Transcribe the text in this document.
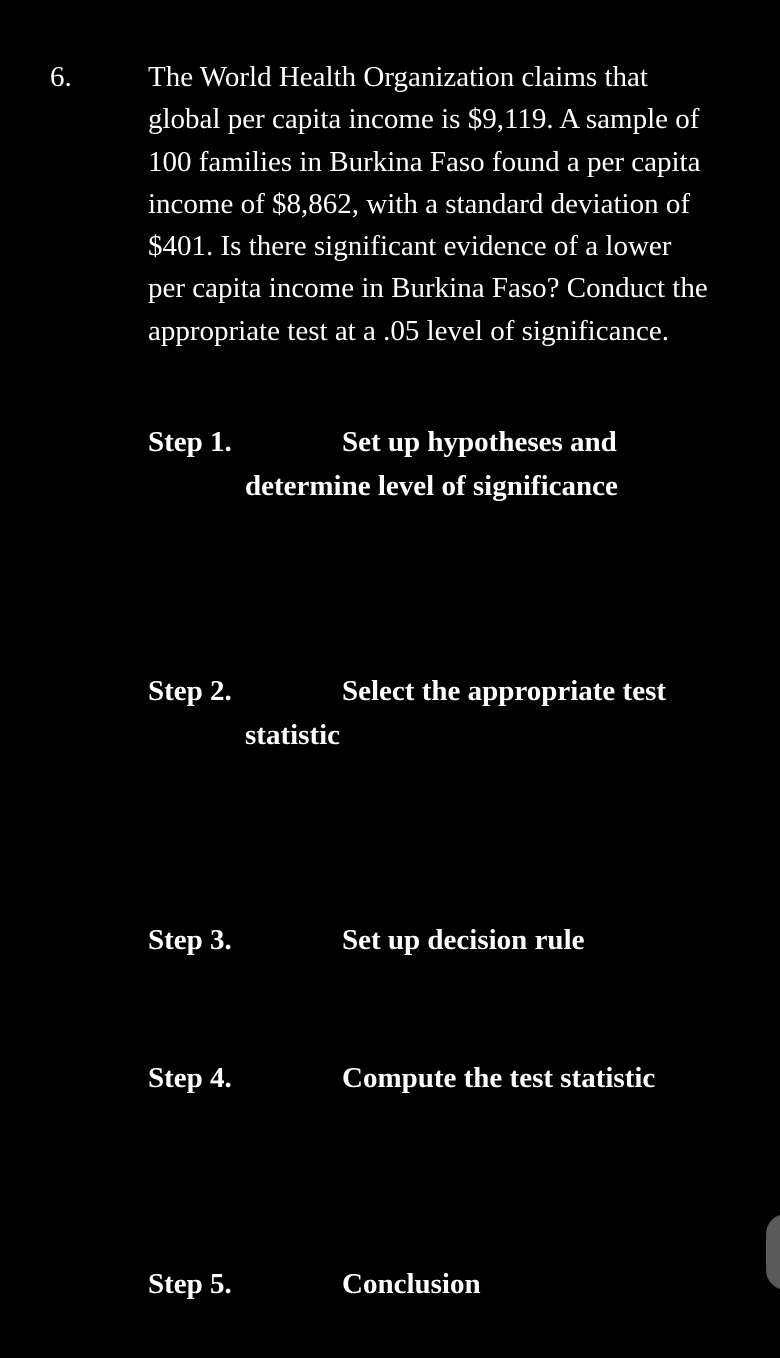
6.	The World Health Organization claims that
global per capita income is $9,119. A sample of
100 families in Burkina Faso found a per capita
income of $8,862, with a standard deviation of
$401. Is there significant evidence of a lower
per capita income in Burkina Faso? Conduct the
appropriate test at a .05 level of significance.
Step 1.	Set up hypotheses and
determine level of significance
Step 2.	Select the appropriate test
statistic
Step 3.	Set up decision rule
Step 4.	Compute the test statistic
Step 5.	Conclusion
